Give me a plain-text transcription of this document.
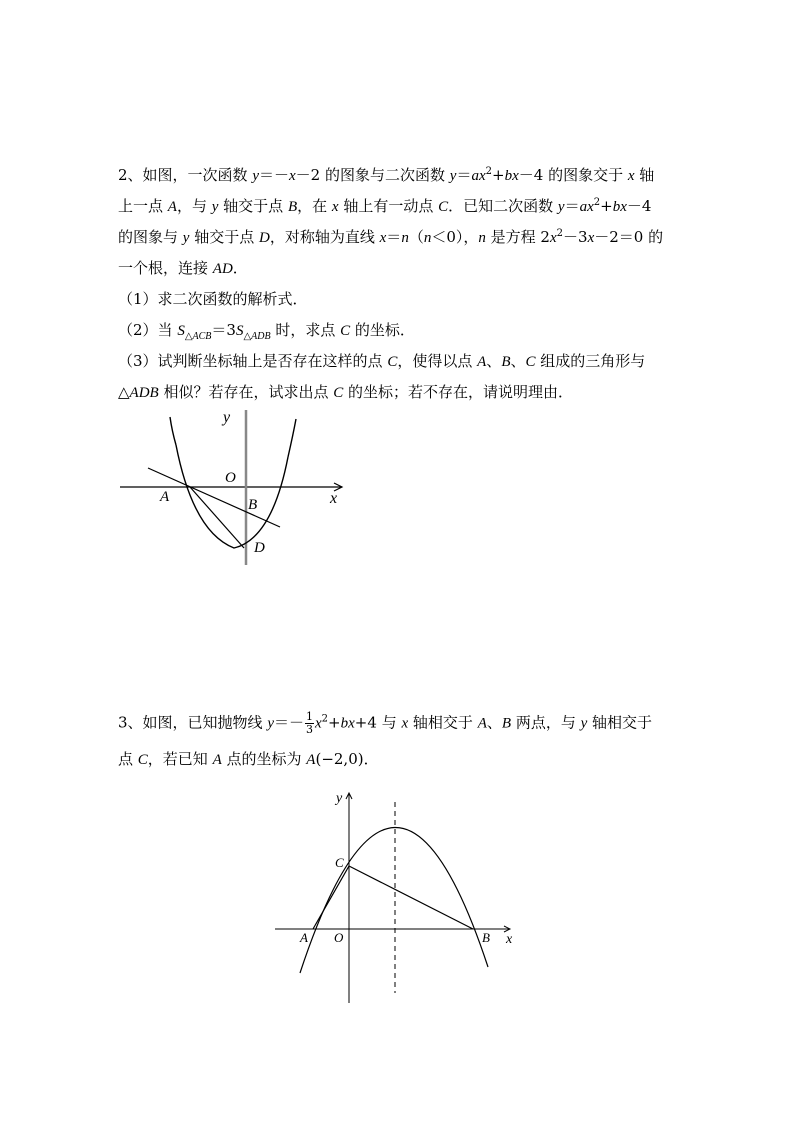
2、如图，一次函数 y＝－x－2 的图象与二次函数 $y=ax^2+bx-4$ 的图象交于 x 轴
上一点 A，与 y 轴交于点 B，在 x 轴上有一动点 C．已知二次函数 $y=ax^2+bx-4$
的图象与 y 轴交于点 D，对称轴为直线 x＝n（n＜0），n 是方程 $2x^2-3x-2=0$ 的
一个根，连接 AD．
（1）求二次函数的解析式．
（2）当 $S_{\triangle ACB}=3S_{\triangle ADB}$ 时，求点 C 的坐标．
（3）试判断坐标轴上是否存在这样的点 C，使得以点 A、B、C 组成的三角形与
△ADB 相似？若存在，试求出点 C 的坐标；若不存在，请说明理由．
y
x
O
A	B
D
3、如图，已知抛物线 $y=- \frac{1}{3} x^2+bx+4$ 与 x 轴相交于 A、B 两点，与 y 轴相交于
点 C，若已知 A 点的坐标为 A(−2,0)．
y
x
O
A	B
C
